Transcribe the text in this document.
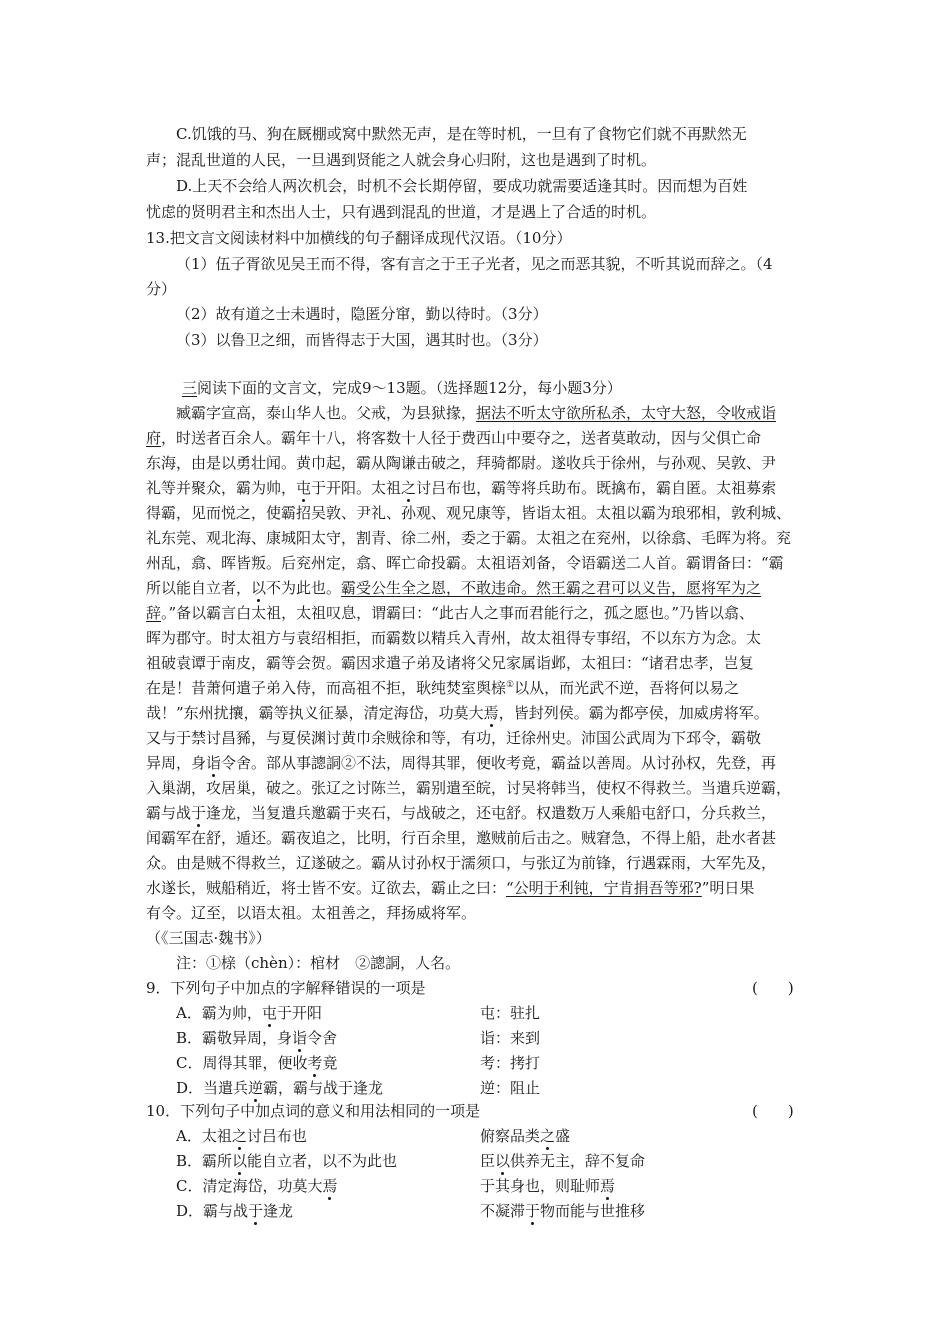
C.饥饿的马、狗在厩棚或窝中默然无声，是在等时机，一旦有了食物它们就不再默然无
声；混乱世道的人民，一旦遇到贤能之人就会身心归附，这也是遇到了时机。
D.上天不会给人两次机会，时机不会长期停留，要成功就需要适逢其时。因而想为百姓
忧虑的贤明君主和杰出人士，只有遇到混乱的世道，才是遇上了合适的时机。
13.把文言文阅读材料中加横线的句子翻译成现代汉语。（10分）
（1）伍子胥欲见吴王而不得，客有言之于王子光者，见之而恶其貌，不听其说而辞之。（4
分）
（2）故有道之士未遇时，隐匿分窜，勤以待时。（3分）
（3）以鲁卫之细，而皆得志于大国，遇其时也。（3分）
三阅读下面的文言文，完成9～13题。（选择题12分，每小题3分）
臧霸字宣高，泰山华人也。父戒，为县狱掾，据法不听太守欲所私杀，太守大怒，令收戒诣
府，时送者百余人。霸年十八，将客数十人径于费西山中要夺之，送者莫敢动，因与父俱亡命
东海，由是以勇壮闻。黄巾起，霸从陶谦击破之，拜骑都尉。遂收兵于徐州，与孙观、吴敦、尹
礼等并聚众，霸为帅，屯于开阳。太祖之讨吕布也，霸等将兵助布。既擒布，霸自匿。太祖募索
得霸，见而悦之，使霸招吴敦、尹礼、孙观、观兄康等，皆诣太祖。太祖以霸为琅邪相，敦利城、
礼东莞、观北海、康城阳太守，割青、徐二州，委之于霸。太祖之在兖州，以徐翕、毛晖为将。兖
州乱，翕、晖皆叛。后兖州定，翕、晖亡命投霸。太祖语刘备，令语霸送二人首。霸谓备曰：“霸
所以能自立者，以不为此也。霸受公生全之恩，不敢违命。然王霸之君可以义告，愿将军为之
辞。”备以霸言白太祖，太祖叹息，谓霸曰：“此古人之事而君能行之，孤之愿也。”乃皆以翕、
晖为郡守。时太祖方与袁绍相拒，而霸数以精兵入青州，故太祖得专事绍，不以东方为念。太
祖破袁谭于南皮，霸等会贺。霸因求遣子弟及诸将父兄家属诣邺，太祖曰：“诸君忠孝，岂复
在是！昔萧何遣子弟入侍，而高祖不拒，耿纯焚室舆榇①以从，而光武不逆，吾将何以易之
哉！”东州扰攘，霸等执义征暴，清定海岱，功莫大焉，皆封列侯。霸为都亭侯，加威虏将军。
又与于禁讨昌豨，与夏侯渊讨黄巾余贼徐和等，有功，迁徐州史。沛国公武周为下邳令，霸敬
异周，身诣令舍。部从事謥詷②不法，周得其罪，便收考竟，霸益以善周。从讨孙权，先登，再
入巢湖，攻居巢，破之。张辽之讨陈兰，霸别遣至皖，讨吴将韩当，使权不得救兰。当遣兵逆霸，
霸与战于逢龙，当复遣兵邀霸于夹石，与战破之，还屯舒。权遣数万人乘船屯舒口，分兵救兰，
闻霸军在舒，遁还。霸夜追之，比明，行百余里，邀贼前后击之。贼窘急，不得上船，赴水者甚
众。由是贼不得救兰，辽遂破之。霸从讨孙权于濡须口，与张辽为前锋，行遇霖雨，大军先及，
水遂长，贼船稍近，将士皆不安。辽欲去，霸止之曰：“公明于利钝，宁肯捐吾等邪?”明日果
有令。辽至，以语太祖。太祖善之，拜扬威将军。
（《三国志·魏书》）
注：①榇（chèn）：棺材　②謥詷，人名。
9．下列句子中加点的字解释错误的一项是	(　　)
A．霸为帅，屯于开阳	屯：驻扎
B．霸敬异周，身诣令舍	诣：来到
C．周得其罪，便收考竟	考：拷打
D．当遣兵逆霸，霸与战于逢龙	逆：阻止
10．下列句子中加点词的意义和用法相同的一项是	(　　)
A．太祖之讨吕布也	俯察品类之盛
B．霸所以能自立者，以不为此也	臣以供养无主，辞不复命
C．清定海岱，功莫大焉	于其身也，则耻师焉
D．霸与战于逢龙	不凝滞于物而能与世推移
